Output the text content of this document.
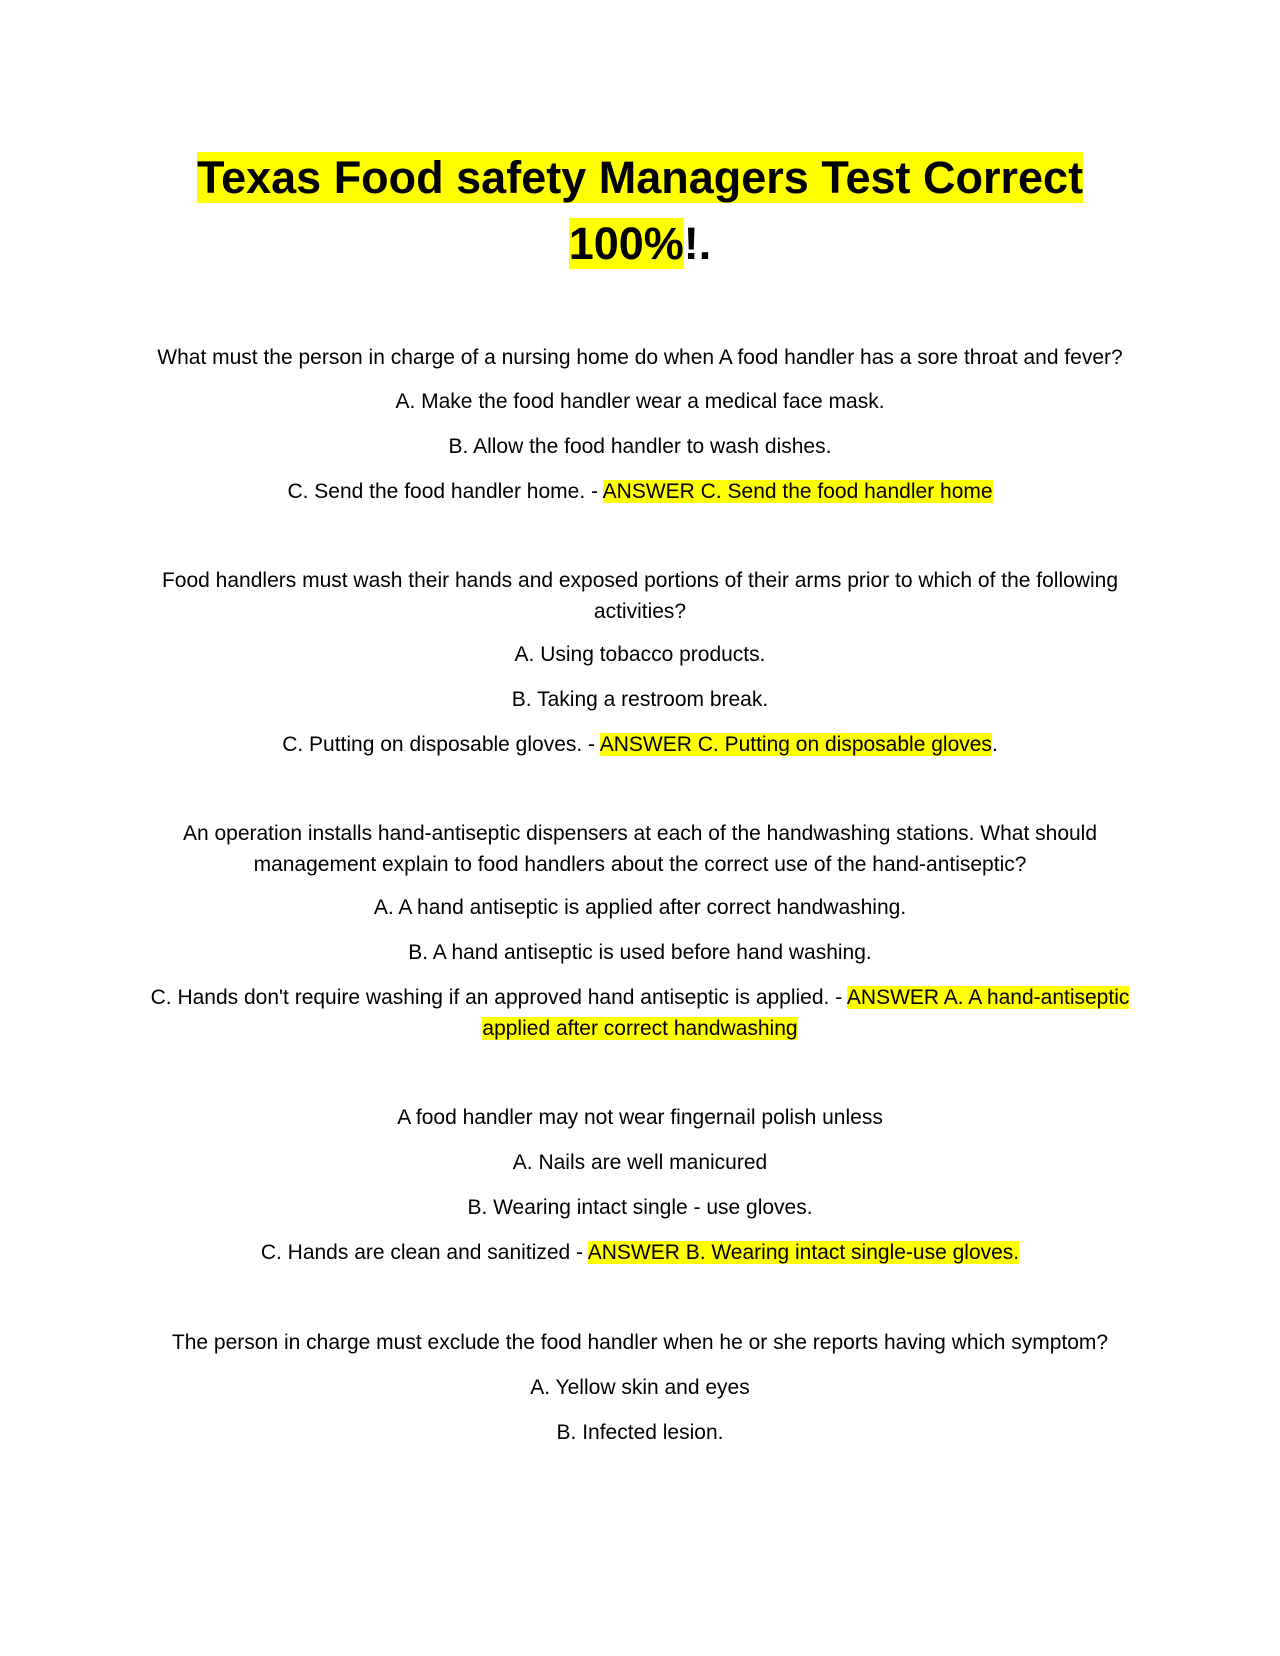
Texas Food safety Managers Test Correct
100%!.

What must the person in charge of a nursing home do when A food handler has a sore throat and fever?

A. Make the food handler wear a medical face mask.

B. Allow the food handler to wash dishes.

C. Send the food handler home. - ANSWER C. Send the food handler home

Food handlers must wash their hands and exposed portions of their arms prior to which of the following activities?

A. Using tobacco products.

B. Taking a restroom break.

C. Putting on disposable gloves. - ANSWER C. Putting on disposable gloves.

An operation installs hand-antiseptic dispensers at each of the handwashing stations. What should management explain to food handlers about the correct use of the hand-antiseptic?

A. A hand antiseptic is applied after correct handwashing.

B. A hand antiseptic is used before hand washing.

C. Hands don't require washing if an approved hand antiseptic is applied. - ANSWER A. A hand-antiseptic applied after correct handwashing

A food handler may not wear fingernail polish unless

A. Nails are well manicured

B. Wearing intact single - use gloves.

C. Hands are clean and sanitized - ANSWER B. Wearing intact single-use gloves.

The person in charge must exclude the food handler when he or she reports having which symptom?

A. Yellow skin and eyes

B. Infected lesion.
